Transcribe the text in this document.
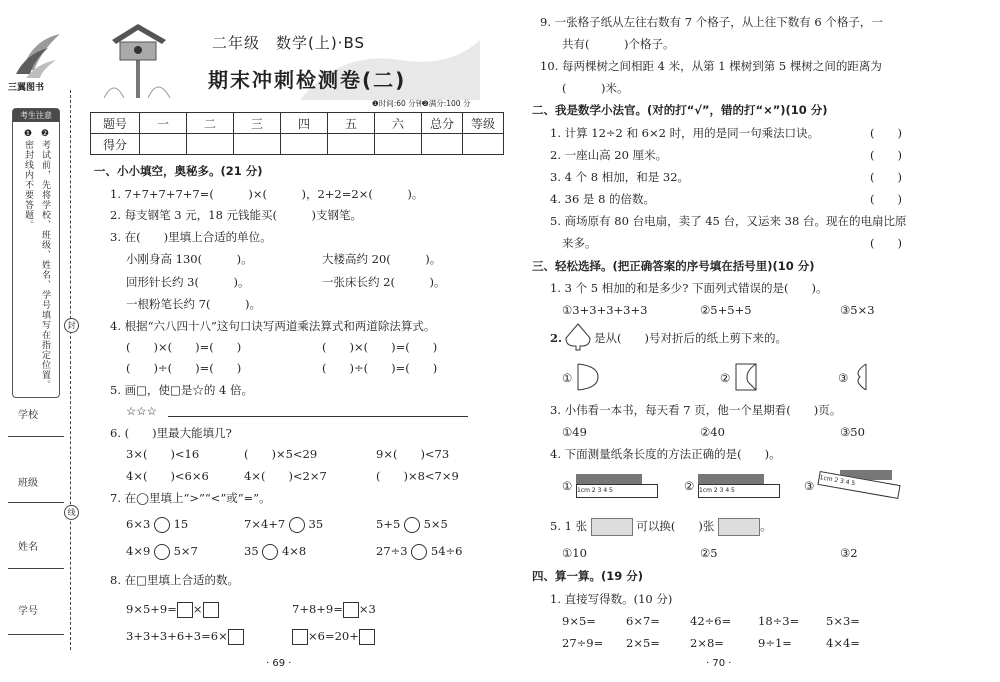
三翼图书
考生注意
❷考试前，先将学校、班级、姓名、学号填写在指定位置。
❶密封线内不要答题。
封
线
学校
班级
姓名
学号
二年级　数学(上)·BS
期末冲刺检测卷(二)
❶时间:60 分钟
❷满分:100 分
题号	一	二	三	四	五	六	总分	等级
得分								
一、小小填空，奥秘多。(21 分)
1. 7+7+7+7+7=(　　　)×(　　　)，2+2=2×(　　　)。
2. 每支钢笔 3 元，18 元钱能买(　　　)支钢笔。
3. 在(　　)里填上合适的单位。
小刚身高 130(　　　)。	大楼高约 20(　　　)。
回形针长约 3(　　　)。	一张床长约 2(　　　)。
一根粉笔长约 7(　　　)。
4. 根据“六八四十八”这句口诀写两道乘法算式和两道除法算式。
(　　)×(　　)=(　　)	(　　)×(　　)=(　　)
(　　)÷(　　)=(　　)	(　　)÷(　　)=(　　)
5. 画□，使□是☆的 4 倍。
☆☆☆
6. (　　)里最大能填几?
3×(　　)<16	(　　)×5<29	9×(　　)<73
4×(　　)<6×6	4×(　　)<2×7	(　　)×8<7×9
7. 在◯里填上“>”“<”或“=”。
6×3 15	7×4+7 35	5+5 5×5
4×9 5×7	35 4×8	27÷3 54÷6
8. 在□里填上合适的数。
9×5+9= ×	7+8+9= ×3
3+3+3+6+3=6×	×6=20+
· 69 ·
9. 一张格子纸从左往右数有 7 个格子，从上往下数有 6 个格子，一
共有(　　　)个格子。
10. 每两棵树之间相距 4 米，从第 1 棵树到第 5 棵树之间的距离为
(　　　)米。
二、我是数学小法官。(对的打“√”，错的打“×”)(10 分)
1. 计算 12÷2 和 6×2 时，用的是同一句乘法口诀。	(　　)
2. 一座山高 20 厘米。	(　　)
3. 4 个 8 相加，和是 32。	(　　)
4. 36 是 8 的倍数。	(　　)
5. 商场原有 80 台电扇，卖了 45 台，又运来 38 台。现在的电扇比原
来多。	(　　)
三、轻松选择。(把正确答案的序号填在括号里)(10 分)
1. 3 个 5 相加的和是多少? 下面列式错误的是(　　)。
①3+3+3+3+3	②5+5+5	③5×3
2.	是从(　　)号对折后的纸上剪下来的。
①	②	③
3. 小伟看一本书，每天看 7 页，他一个星期看(　　)页。
①49	②40	③50
4. 下面测量纸条长度的方法正确的是(　　)。
① 1cm 2 3 4 5	② 1cm 2 3 4 5	③ 1cm 2 3 4 5
5. 1 张	可以换(　　)张	。
①10	②5	③2
四、算一算。(19 分)
1. 直接写得数。(10 分)
9×5=	6×7=	42÷6= 18÷3= 5×3=
27÷9= 2×5=	2×8=	9÷1=	4×4=
· 70 ·
